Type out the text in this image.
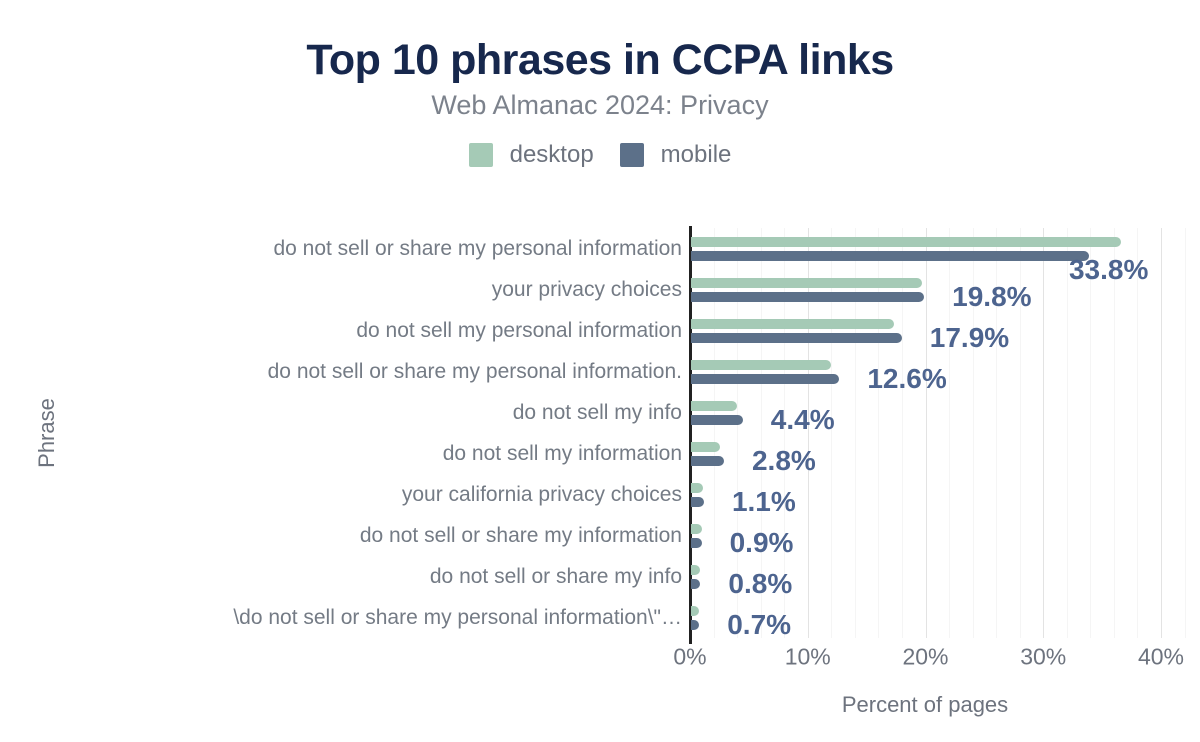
Top 10 phrases in CCPA links
Web Almanac 2024: Privacy
desktop	mobile
0%	10%	20%	30%	40%
do not sell or share my personal information
33.8%
your privacy choices	19.8%
do not sell my personal information	17.9%
do not sell or share my personal information.	12.6%
do not sell my info	4.4%
do not sell my information 2.8%
your california privacy choices 1.1%
do not sell or share my information 0.9%
do not sell or share my info 0.8%
\do not sell or share my personal information\"… 0.7%
Phrase
Percent of pages
